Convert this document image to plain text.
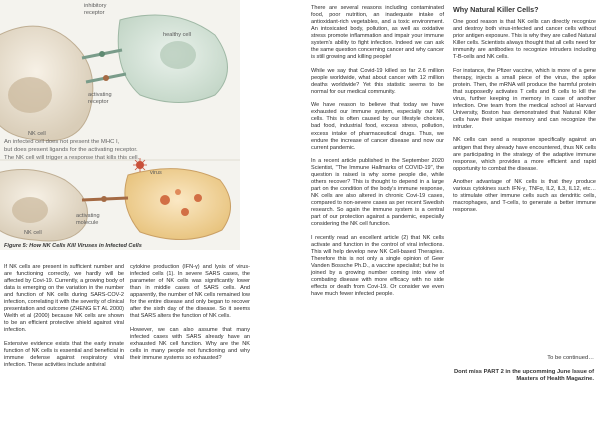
inhibitory
receptor
healthy cell
activating
receptor
NK cell
An infected cell does not present the MHC I,
but does present ligands for the activating receptor.
The NK cell will trigger a response that kills this cell.
virus
activating
molecule
NK cell
Figure 5: How NK Cells Kill Viruses in Infected Cells

If NK cells are present in sufficient number and are functioning correctly, we hardly will be affected by Covi-19. Currently, a growing body of data is emerging on the variation in the number and function of NK cells during SARS-COV-2 infection, correlating it with the severity of clinical presentation and outcome (ZHENG ET AL 2000) Welth et al (2000) because NK cells are shown to be an efficient protective shield against viral infection.

Extensive evidence exists that the early innate function of NK cells is essential and beneficial in immune defense against respiratory viral infection. These activities include antiviral

cytokine production (IFN-γ) and lysis of virus-infected cells (1). In severe SARS cases, the parameter of NK cells was significantly lower than in middle cases of SARS cells. And apparently, the number of NK cells remained low for the entire disease and only began to recover after the sixth day of the disease. So it seems that SARS alters the function of NK cells.

However, we can also assume that many infected cases with SARS already have an exhausted NK cell function. Why are the NK cells in many people not functioning and why their immune systems so exhausted?

There are several reasons including contaminated food, poor nutrition, an inadequate intake of antioxidant-rich vegetables, and a toxic environment. An intoxicated body, pollution, as well as oxidative stress promote inflammation and impair your immune system's ability to fight infection. Indeed we can ask the same question concerning cancer and why cancer is still growing and killing people!

While we say that Covid-19 killed so far 2.6 million people worldwide, what about cancer with 12 million deaths worldwide? Yet this statistic seems to be normal for our medical community.

We have reason to believe that today we have exhausted our immune system, especially our NK cells. This is often caused by our lifestyle choices, bad food, industrial food, excess stress, pollution, excess intake of pharmaceutical drugs. Thus, we endure the increase of cancer disease and now our current pandemic.

In a recent article published in the September 2020 Scientist, "The Immune Hallmarks of COVID-19", the question is raised is why some people die, while others recover? This is thought to depend in a large part on the condition of the body's immune response, NK cells are also altered in chronic Covi-19 cases, compared to non-severe cases as per recent Swedish research. So again the immune system is a central part of our protection against a pandemic, especially considering the NK cell function.

I recently read an excellent article (2) that NK cells activate and function in the control of viral infections. This will help develop new NK Cell-based Therapies. Therefore this is not only a single opinion of Geer Vanden Bossche Ph.D., a vaccine specialist; but he is joined by a growing number coming into view of combating disease with more efficacy with no side effects or death from Covi-19. Or consider we even have much fewer infected people.

Why Natural Killer Cells?

One good reason is that NK cells can directly recognize and destroy both virus-infected and cancer cells without prior antigen exposure. This is why they are called Natural Killer cells. Scientists always thought that all cells need for immunity are antibodies to recognize intruders including T-B-cells and NK cells.

For instance, the Pfizer vaccine, which is more of a gene therapy, injects a small piece of the virus, the spike protein. Then, the mRNA will produce the harmful protein that supposedly activates T cells and B cells to kill the virus, further keeping in memory in case of another infection. One team from the medical school at Harvard University, Boston has demonstrated that Natural Killer cells have their unique memory and can recognize the intruder.

NK cells can send a response specifically against an antigen that they already have encountered, thus NK cells are participating in the strategy of the adaptive immune response, which provides a more efficient and rapid opportunity to combat the disease.

Another advantage of NK cells is that they produce various cytokines such IFN-γ, TNFα, IL2, IL3, IL12, etc… to stimulate other immune cells such as dendritic cells, macrophages, and T-cells, to generate a better immune response.

To be continued…
Dont miss PART 2 in the upcomming June Issue of Masters of Health Magazine.
